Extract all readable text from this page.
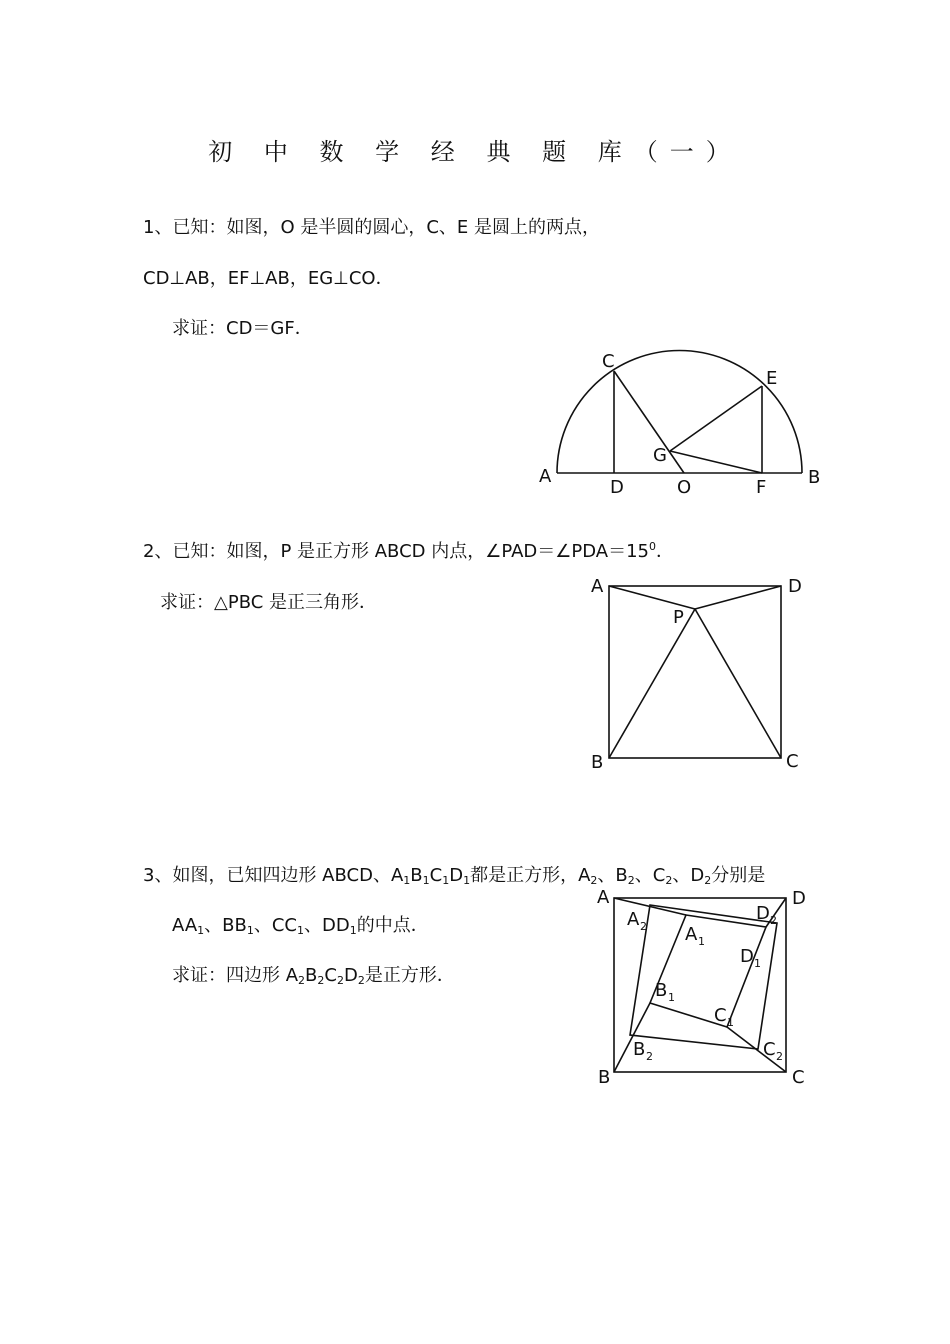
初 中 数 学 经 典 题 库（一）
1、已知：如图，O 是半圆的圆心，C、E 是圆上的两点，
CD⊥AB，EF⊥AB，EG⊥CO．
求证：CD＝GF．
2、已知：如图，P 是正方形 ABCD 内点，$\angle PAD=\angle PDA=15^0$．
求证：△PBC 是正三角形．
3、如图，已知四边形 ABCD、$A_1B_1C_1D_1$都是正方形，$A_2$、$B_2$、$C_2$、$D_2$分别是
$AA_1$、$BB_1$、$CC_1$、$DD_1$的中点．
求证：四边形 $A_2B_2C_2D_2$是正方形．
A	B
C
D
E
F
G
O
A	D
B	C
P
A	D
B	C
A 1
B 1
C 1
D 1
A 2
B 2	C 2
D 2
